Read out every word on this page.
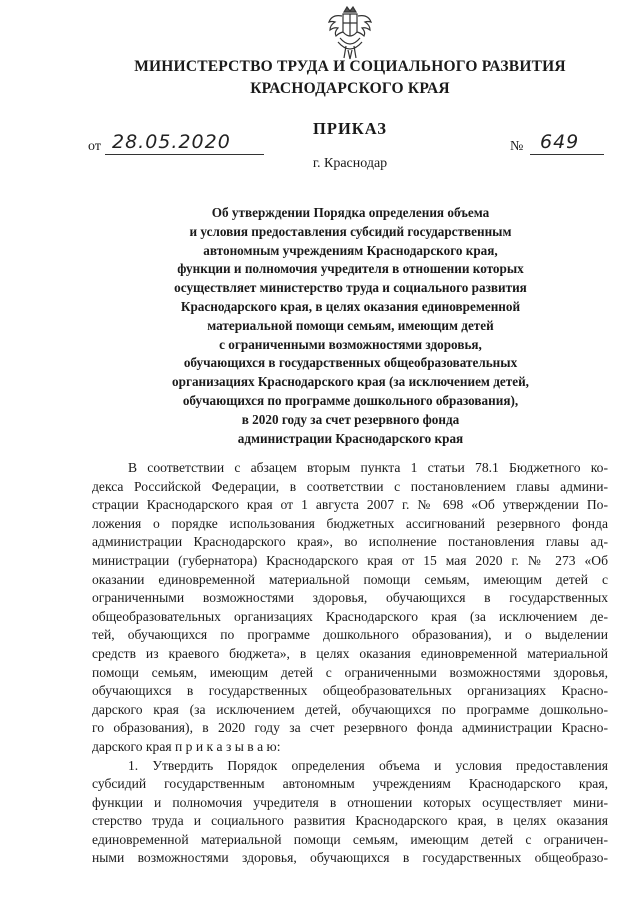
МИНИСТЕРСТВО ТРУДА И СОЦИАЛЬНОГО РАЗВИТИЯ
КРАСНОДАРСКОГО КРАЯ
ПРИКАЗ
от 28.05.2020	№ 649
г. Краснодар
Об утверждении Порядка определения объема
и условия предоставления субсидий государственным
автономным учреждениям Краснодарского края,
функции и полномочия учредителя в отношении которых
осуществляет министерство труда и социального развития
Краснодарского края, в целях оказания единовременной
материальной помощи семьям, имеющим детей
с ограниченными возможностями здоровья,
обучающихся в государственных общеобразовательных
организациях Краснодарского края (за исключением детей,
обучающихся по программе дошкольного образования),
в 2020 году за счет резервного фонда
администрации Краснодарского края
В соответствии с абзацем вторым пункта 1 статьи 78.1 Бюджетного ко-
декса Российской Федерации, в соответствии с постановлением главы админи-
страции Краснодарского края от 1 августа 2007 г. № 698 «Об утверждении По-
ложения о порядке использования бюджетных ассигнований резервного фонда
администрации Краснодарского края», во исполнение постановления главы ад-
министрации (губернатора) Краснодарского края от 15 мая 2020 г. № 273 «Об
оказании единовременной материальной помощи семьям, имеющим детей с
ограниченными возможностями здоровья, обучающихся в государственных
общеобразовательных организациях Краснодарского края (за исключением де-
тей, обучающихся по программе дошкольного образования), и о выделении
средств из краевого бюджета», в целях оказания единовременной материальной
помощи семьям, имеющим детей с ограниченными возможностями здоровья,
обучающихся в государственных общеобразовательных организациях Красно-
дарского края (за исключением детей, обучающихся по программе дошкольно-
го образования), в 2020 году за счет резервного фонда администрации Красно-
дарского края п р и к а з ы в а ю:
1. Утвердить Порядок определения объема и условия предоставления
субсидий государственным автономным учреждениям Краснодарского края,
функции и полномочия учредителя в отношении которых осуществляет мини-
стерство труда и социального развития Краснодарского края, в целях оказания
единовременной материальной помощи семьям, имеющим детей с ограничен-
ными возможностями здоровья, обучающихся в государственных общеобразо-
